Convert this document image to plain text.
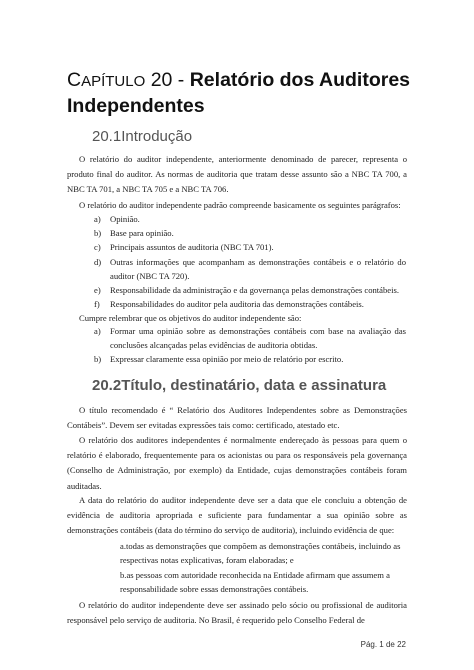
CAPÍTULO 20 - Relatório dos Auditores
Independentes
20.1Introdução

O relatório do auditor independente, anteriormente denominado de parecer, representa o produto final do auditor. As normas de auditoria que tratam desse assunto são a NBC TA 700, a NBC TA 701, a NBC TA 705 e a NBC TA 706.

O relatório do auditor independente padrão compreende basicamente os seguintes parágrafos:

a) Opinião.
b) Base para opinião.
c) Principais assuntos de auditoria (NBC TA 701).
d) Outras informações que acompanham as demonstrações contábeis e o relatório do auditor (NBC TA 720).
e) Responsabilidade da administração e da governança pelas demonstrações contábeis.
f) Responsabilidades do auditor pela auditoria das demonstrações contábeis.

Cumpre relembrar que os objetivos do auditor independente são:

a) Formar uma opinião sobre as demonstrações contábeis com base na avaliação das conclusões alcançadas pelas evidências de auditoria obtidas.
b) Expressar claramente essa opinião por meio de relatório por escrito.
20.2Título, destinatário, data e assinatura

O título recomendado é “ Relatório dos Auditores Independentes sobre as Demonstrações Contábeis”. Devem ser evitadas expressões tais como: certificado, atestado etc.

O relatório dos auditores independentes é normalmente endereçado às pessoas para quem o relatório é elaborado, frequentemente para os acionistas ou para os responsáveis pela governança (Conselho de Administração, por exemplo) da Entidade, cujas demonstrações contábeis foram auditadas.

A data do relatório do auditor independente deve ser a data que ele concluiu a obtenção de evidência de auditoria apropriada e suficiente para fundamentar a sua opinião sobre as demonstrações contábeis (data do término do serviço de auditoria), incluindo evidência de que:

a.todas as demonstrações que compõem as demonstrações contábeis, incluindo as respectivas notas explicativas, foram elaboradas; e

b.as pessoas com autoridade reconhecida na Entidade afirmam que assumem a responsabilidade sobre essas demonstrações contábeis.

O relatório do auditor independente deve ser assinado pelo sócio ou profissional de auditoria responsável pelo serviço de auditoria. No Brasil, é requerido pelo Conselho Federal de

Pág. 1 de 22
